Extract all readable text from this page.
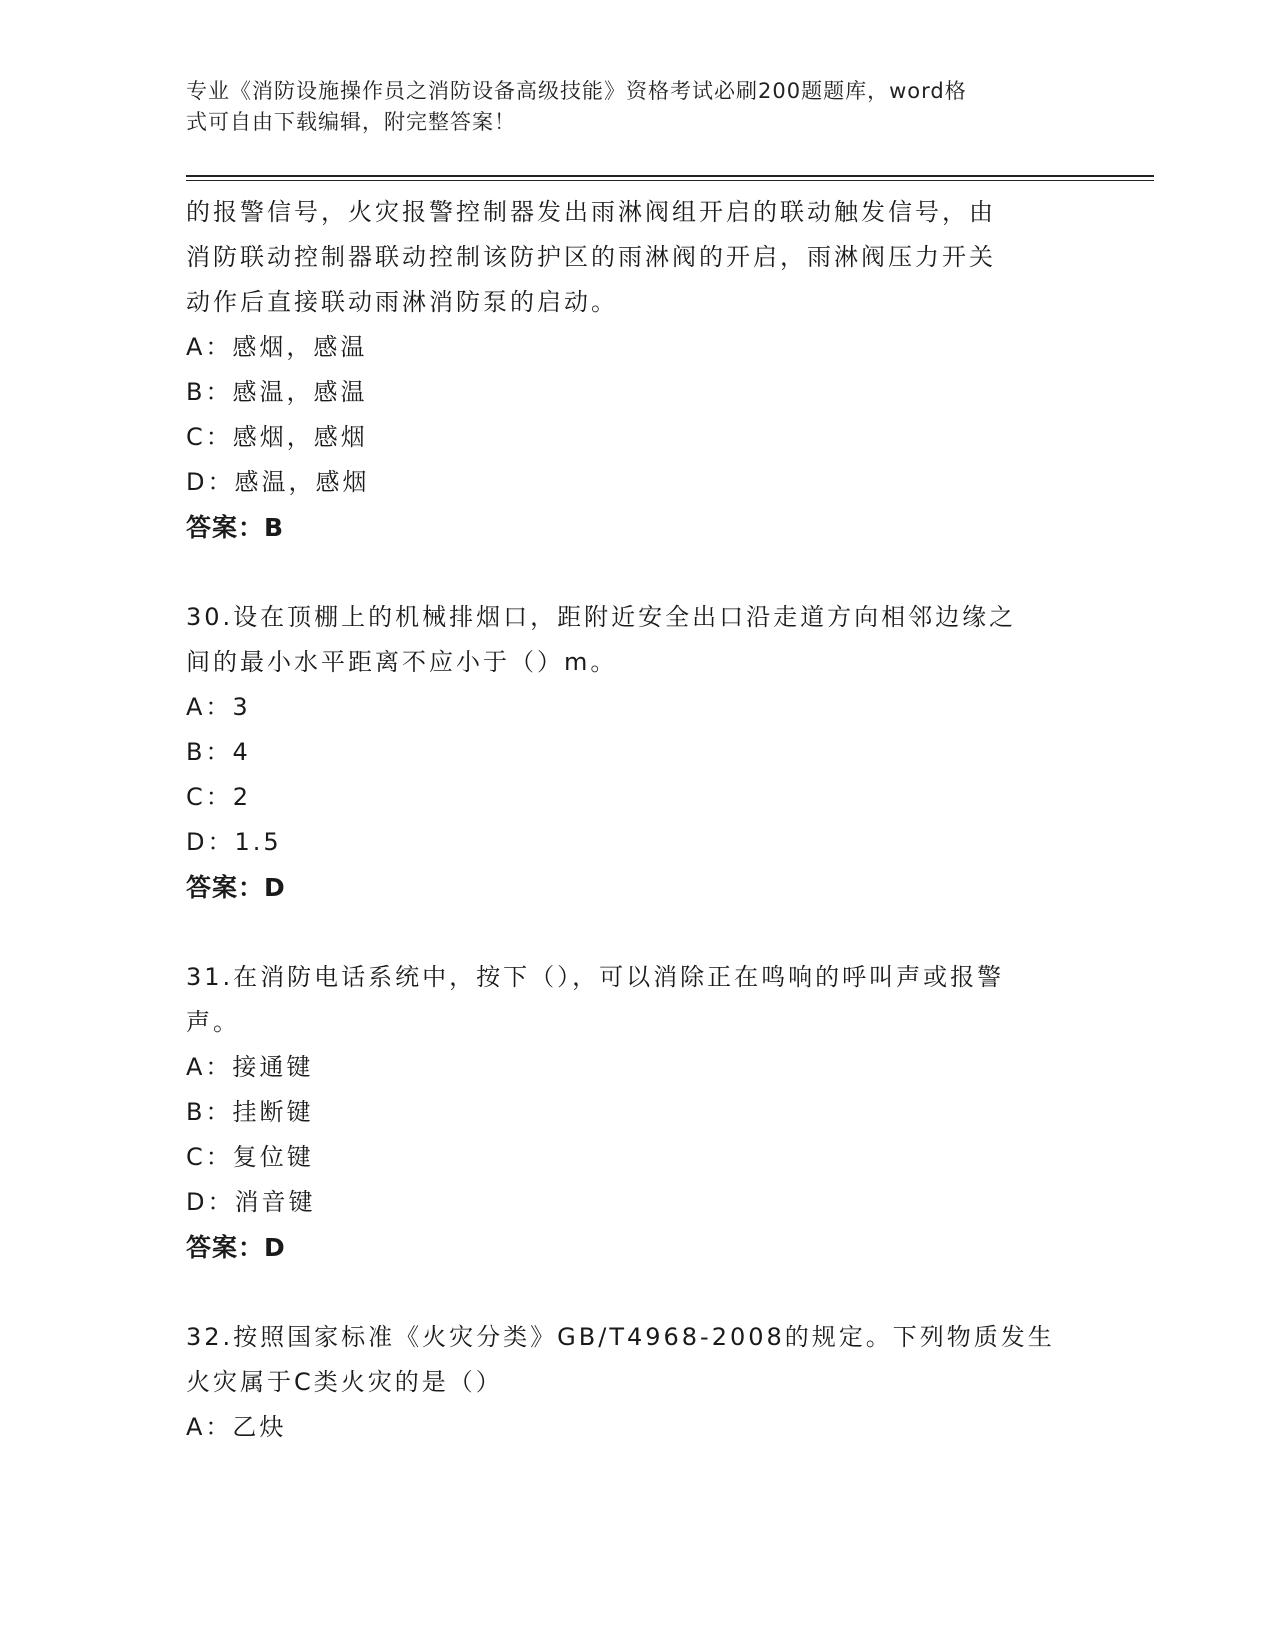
专业《消防设施操作员之消防设备高级技能》资格考试必刷200题题库，word格
式可自由下载编辑，附完整答案！

的报警信号，火灾报警控制器发出雨淋阀组开启的联动触发信号，由

消防联动控制器联动控制该防护区的雨淋阀的开启，雨淋阀压力开关

动作后直接联动雨淋消防泵的启动。

A：感烟，感温

B：感温，感温

C：感烟，感烟

D：感温，感烟

答案：B

30.设在顶棚上的机械排烟口，距附近安全出口沿走道方向相邻边缘之

间的最小水平距离不应小于（）m。

A：3

B：4

C：2

D：1.5

答案：D

31.在消防电话系统中，按下（），可以消除正在鸣响的呼叫声或报警

声。

A：接通键

B：挂断键

C：复位键

D：消音键

答案：D

32.按照国家标准《火灾分类》GB/T4968-2008的规定。下列物质发生

火灾属于C类火灾的是（）

A：乙炔
